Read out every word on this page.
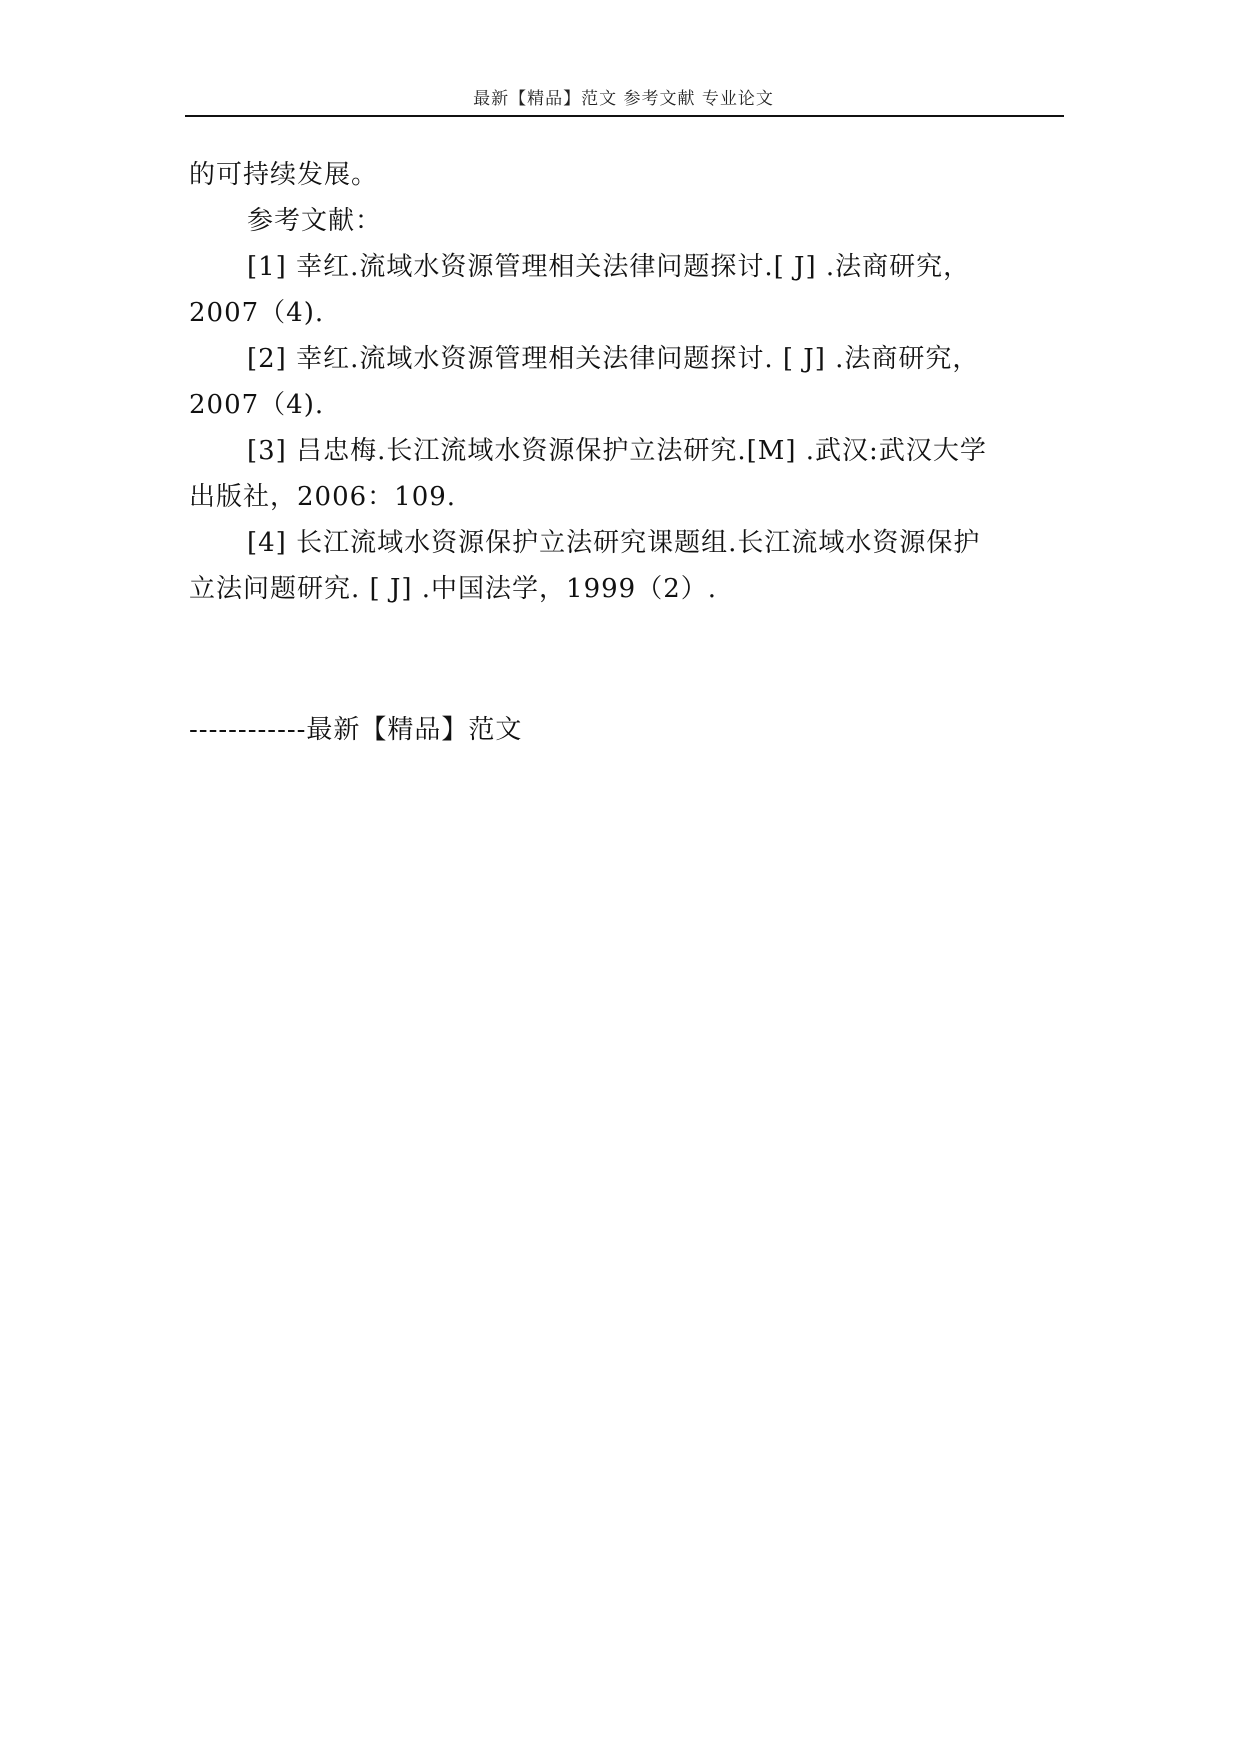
最新【精品】范文 参考文献 专业论文
的可持续发展。
参考文献：
[1] 幸红.流域水资源管理相关法律问题探讨.[ J] .法商研究，
2007（4).
[2] 幸红.流域水资源管理相关法律问题探讨. [ J] .法商研究，
2007（4).
[3] 吕忠梅.长江流域水资源保护立法研究.[M] .武汉:武汉大学
出版社，2006：109.
[4] 长江流域水资源保护立法研究课题组.长江流域水资源保护
立法问题研究. [ J] .中国法学，1999（2）.
------------最新【精品】范文
